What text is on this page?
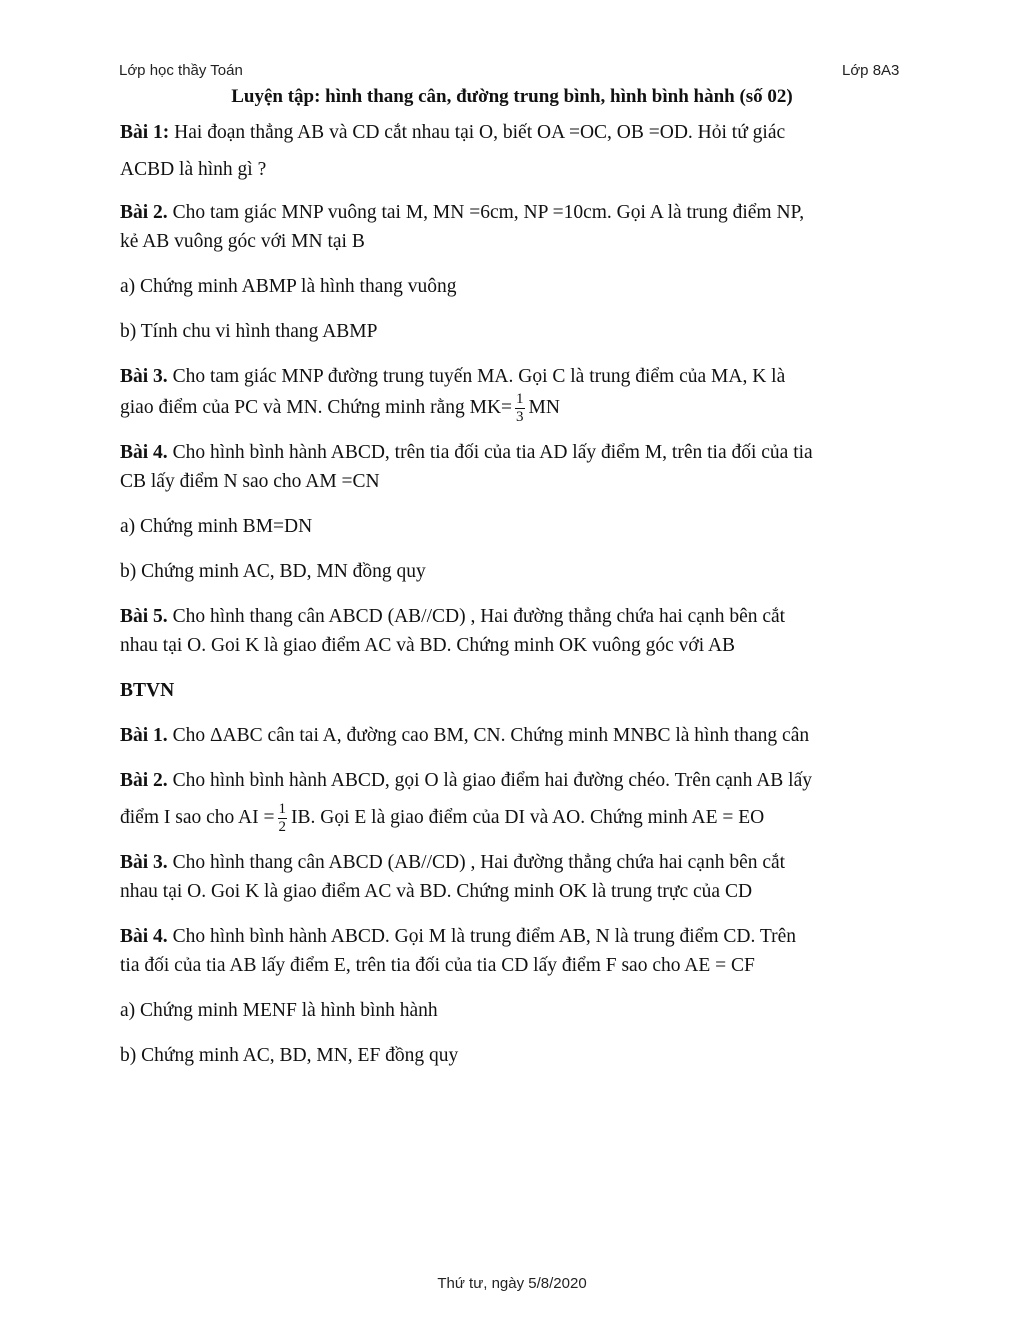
Lớp học thầy Toán	Lớp 8A3
Luyện tập: hình thang cân, đường trung bình, hình bình hành (số 02)

Bài 1: Hai đoạn thẳng AB và CD cắt nhau tại O, biết OA =OC, OB =OD. Hỏi tứ giác
ACBD là hình gì ?

Bài 2. Cho tam giác MNP vuông tai M, MN =6cm, NP =10cm. Gọi A là trung điểm NP,
kẻ AB vuông góc với MN tại B

a) Chứng minh ABMP là hình thang vuông

b) Tính chu vi hình thang ABMP

Bài 3. Cho tam giác MNP đường trung tuyến MA. Gọi C là trung điểm của MA, K là
giao điểm của PC và MN. Chứng minh rằng $MK= \frac{1}{3}$ MN

Bài 4. Cho hình bình hành ABCD, trên tia đối của tia AD lấy điểm M, trên tia đối của tia
CB lấy điểm N sao cho AM =CN

a) Chứng minh BM=DN

b) Chứng minh AC, BD, MN đồng quy

Bài 5. Cho hình thang cân ABCD (AB//CD) , Hai đường thẳng chứa hai cạnh bên cắt
nhau tại O. Goi K là giao điểm AC và BD. Chứng minh OK vuông góc với AB

BTVN

Bài 1. Cho ΔABC cân tai A, đường cao BM, CN. Chứng minh MNBC là hình thang cân

Bài 2. Cho hình bình hành ABCD, gọi O là giao điểm hai đường chéo. Trên cạnh AB lấy
điểm I sao cho AI = $\frac{1}{2}$ IB. Gọi E là giao điểm của DI và AO. Chứng minh AE = EO

Bài 3. Cho hình thang cân ABCD (AB//CD) , Hai đường thẳng chứa hai cạnh bên cắt
nhau tại O. Goi K là giao điểm AC và BD. Chứng minh OK là trung trực của CD

Bài 4. Cho hình bình hành ABCD. Gọi M là trung điểm AB, N là trung điểm CD. Trên
tia đối của tia AB lấy điểm E, trên tia đối của tia CD lấy điểm F sao cho AE = CF

a) Chứng minh MENF là hình bình hành

b) Chứng minh AC, BD, MN, EF đồng quy

Thứ tư, ngày 5/8/2020
